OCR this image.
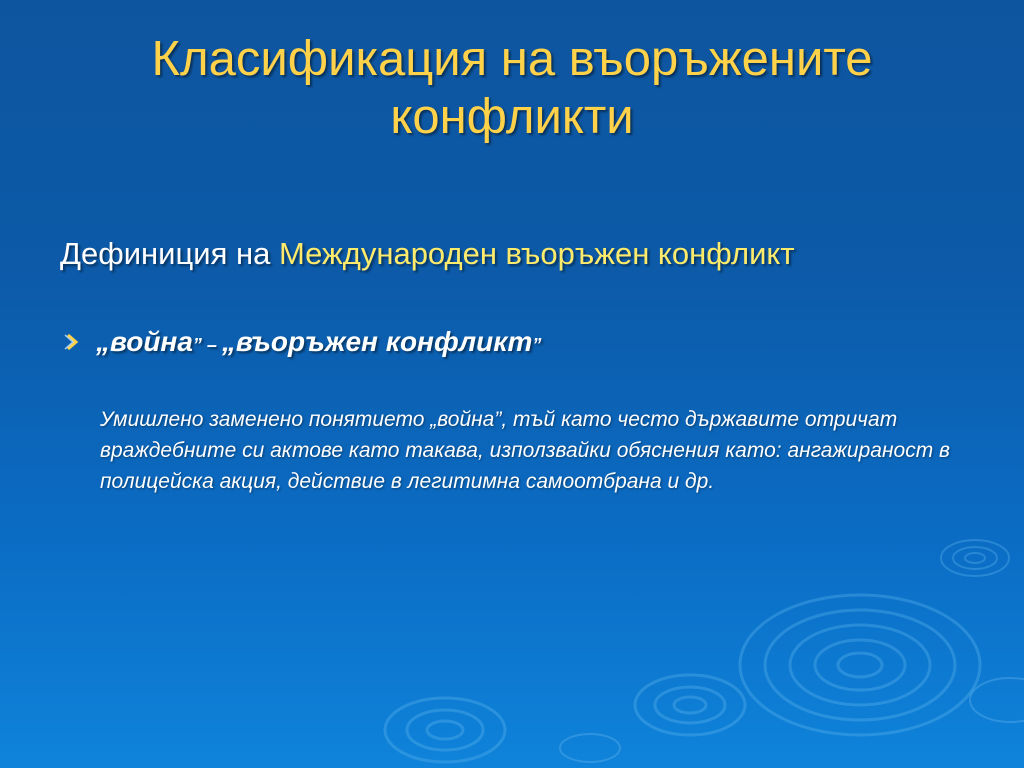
Класификация на въоръжените конфликти
Дефиниция на Международен въоръжен конфликт
„война” – „въоръжен конфликт”
Умишлено заменено понятието „война”, тъй като често държавите отричат враждебните си актове като такава, използвайки обяснения като: ангажираност в полицейска акция, действие в легитимна самоотбрана и др.
